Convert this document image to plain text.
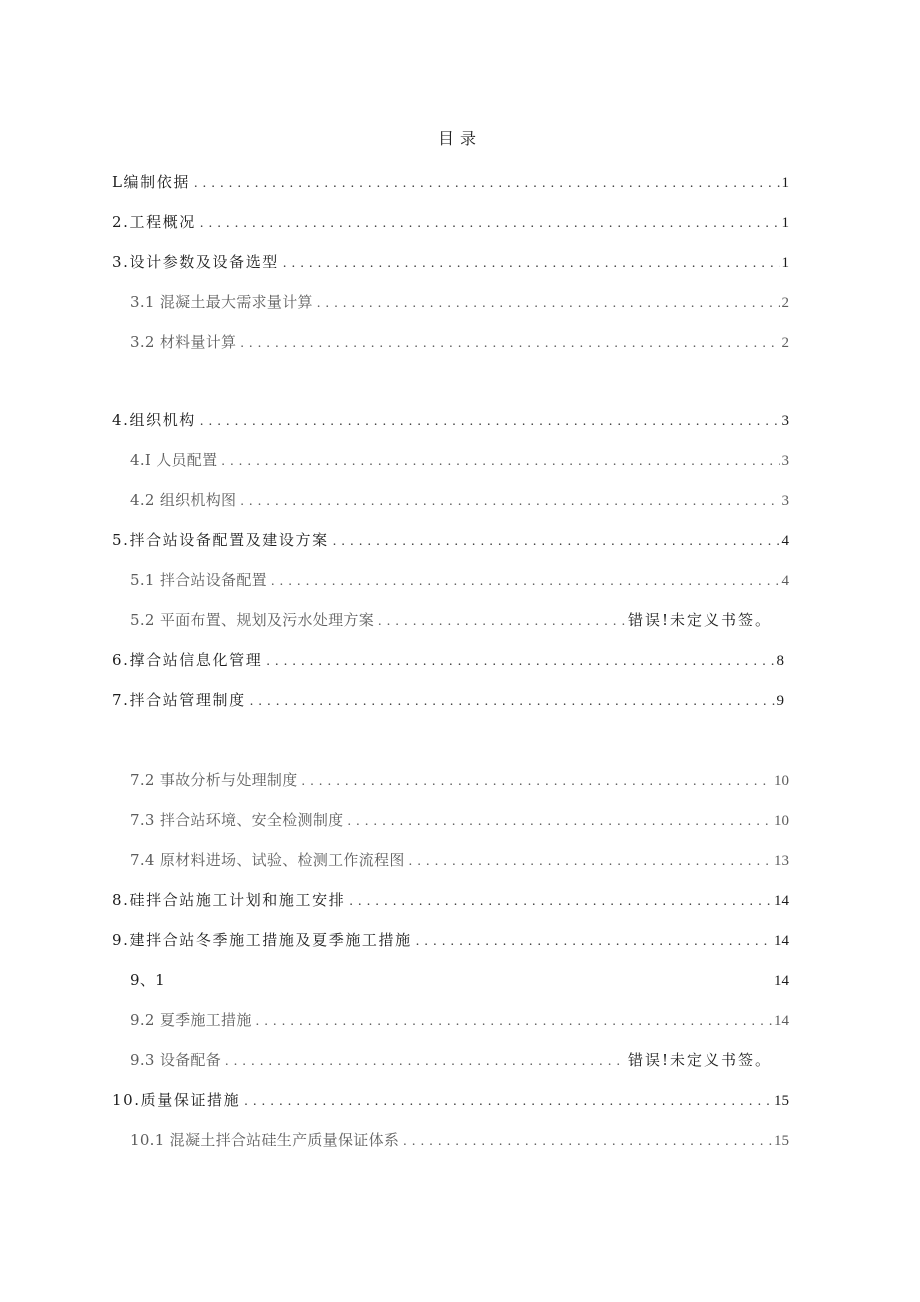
目录
L编制依据 .....	1
2.工程概况 .....	1
3.设计参数及设备选型 .....	1
3.1 混凝土最大需求量计算 .....	2
3.2 材料量计算 .....	2
4.组织机构 .....	3
4.I 人员配置 .....	3
4.2 组织机构图 .....	3
5.拌合站设备配置及建设方案 .....	4
5.1 拌合站设备配置 .....	4
5.2 平面布置、规划及污水处理方案 .....	错误!未定义书签。
6.撑合站信息化管理 .....	8
7.拌合站管理制度 .....	9
7.2 事故分析与处理制度 .....	10
7.3 拌合站环境、安全检测制度 .....	10
7.4 原材料进场、试验、检测工作流程图 .....	13
8.硅拌合站施工计划和施工安排 .....	14
9.建拌合站冬季施工措施及夏季施工措施 .....	14
9、1	14
9.2 夏季施工措施 .....	14
9.3 设备配备 .....	错误!未定义书签。
10.质量保证措施 .....	15
10.1 混凝土拌合站硅生产质量保证体系 .....	15
